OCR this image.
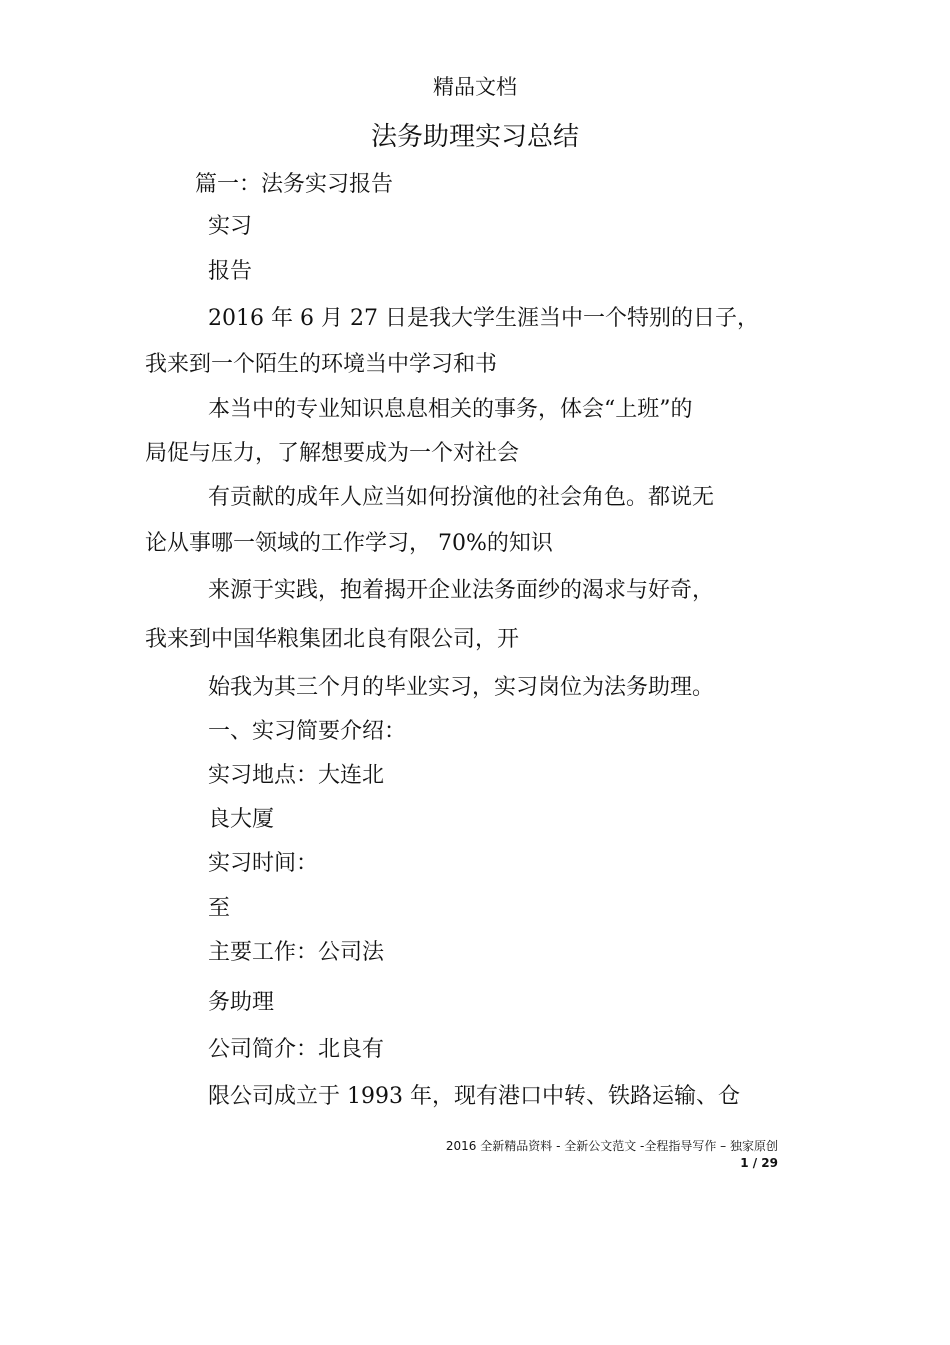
精品文档
法务助理实习总结
篇一：法务实习报告
实习
报告
2016 年 6 月 27 日是我大学生涯当中一个特别的日子，
我来到一个陌生的环境当中学习和书
本当中的专业知识息息相关的事务，体会“上班”的
局促与压力，了解想要成为一个对社会
有贡献的成年人应当如何扮演他的社会角色。都说无
论从事哪一领域的工作学习， 70%的知识
来源于实践，抱着揭开企业法务面纱的渴求与好奇，
我来到中国华粮集团北良有限公司，开
始我为其三个月的毕业实习，实习岗位为法务助理。
一、实习简要介绍：
实习地点：大连北
良大厦
实习时间：
至
主要工作：公司法
务助理
公司简介：北良有
限公司成立于 1993 年，现有港口中转、铁路运输、仓
2016 全新精品资料 - 全新公文范文 -全程指导写作 – 独家原创
1 / 29
